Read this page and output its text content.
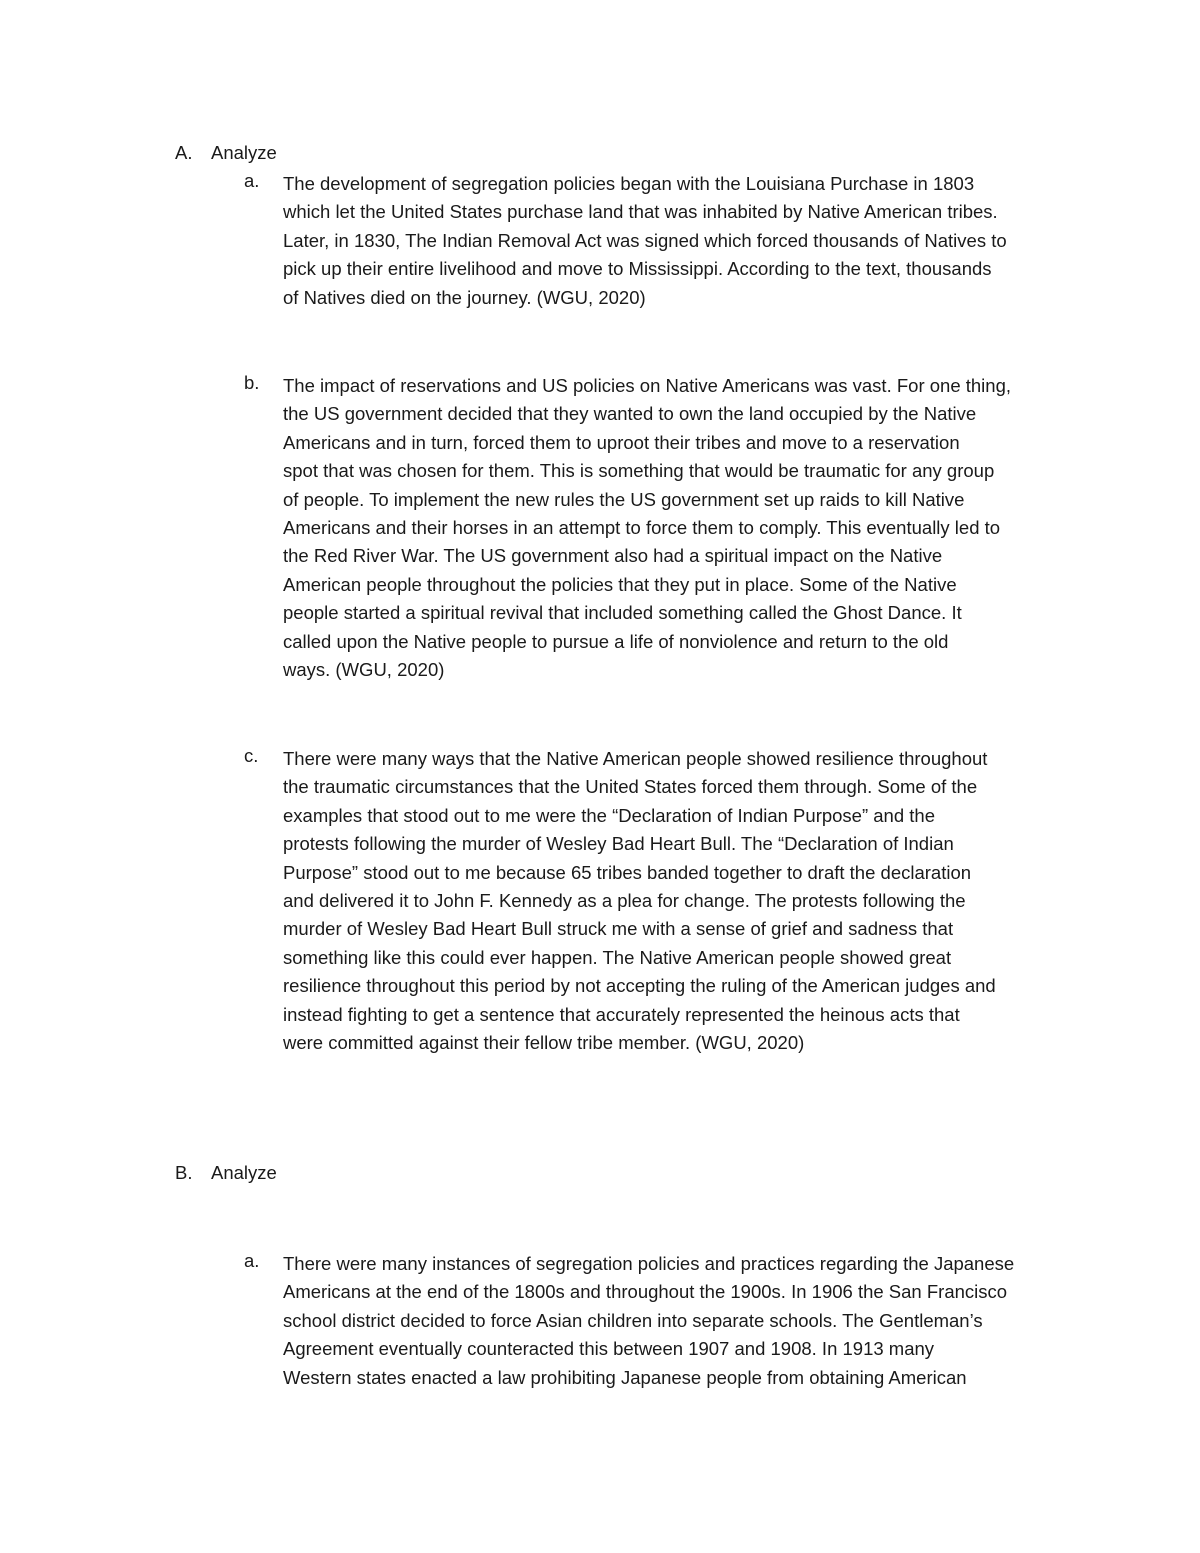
A. Analyze
a. The development of segregation policies began with the Louisiana Purchase in 1803
which let the United States purchase land that was inhabited by Native American tribes.
Later, in 1830, The Indian Removal Act was signed which forced thousands of Natives to
pick up their entire livelihood and move to Mississippi. According to the text, thousands
of Natives died on the journey. (WGU, 2020)
b. The impact of reservations and US policies on Native Americans was vast. For one thing,
the US government decided that they wanted to own the land occupied by the Native
Americans and in turn, forced them to uproot their tribes and move to a reservation
spot that was chosen for them. This is something that would be traumatic for any group
of people. To implement the new rules the US government set up raids to kill Native
Americans and their horses in an attempt to force them to comply. This eventually led to
the Red River War. The US government also had a spiritual impact on the Native
American people throughout the policies that they put in place. Some of the Native
people started a spiritual revival that included something called the Ghost Dance. It
called upon the Native people to pursue a life of nonviolence and return to the old
ways. (WGU, 2020)
c. There were many ways that the Native American people showed resilience throughout
the traumatic circumstances that the United States forced them through. Some of the
examples that stood out to me were the “Declaration of Indian Purpose” and the
protests following the murder of Wesley Bad Heart Bull. The “Declaration of Indian
Purpose” stood out to me because 65 tribes banded together to draft the declaration
and delivered it to John F. Kennedy as a plea for change. The protests following the
murder of Wesley Bad Heart Bull struck me with a sense of grief and sadness that
something like this could ever happen. The Native American people showed great
resilience throughout this period by not accepting the ruling of the American judges and
instead fighting to get a sentence that accurately represented the heinous acts that
were committed against their fellow tribe member. (WGU, 2020)
B. Analyze
a. There were many instances of segregation policies and practices regarding the Japanese
Americans at the end of the 1800s and throughout the 1900s. In 1906 the San Francisco
school district decided to force Asian children into separate schools. The Gentleman’s
Agreement eventually counteracted this between 1907 and 1908. In 1913 many
Western states enacted a law prohibiting Japanese people from obtaining American
